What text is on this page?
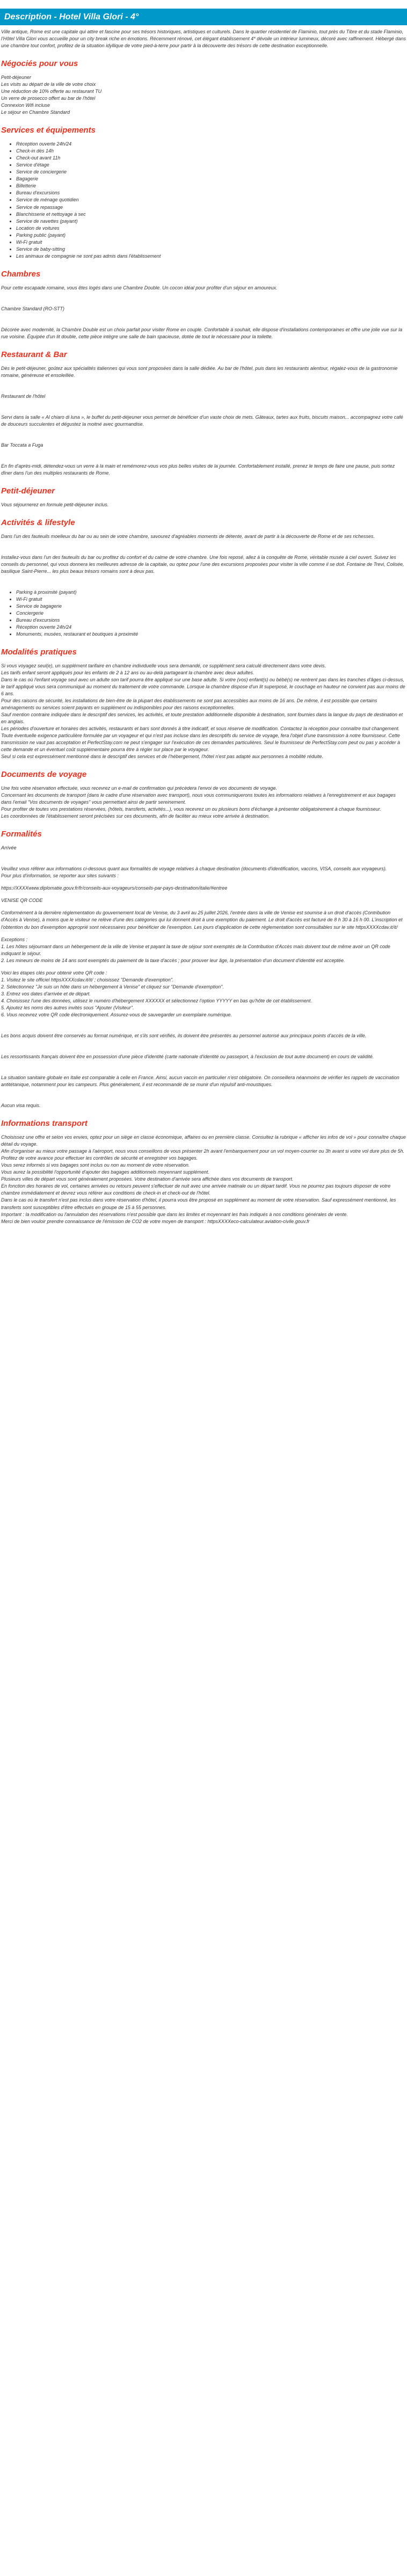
Description - Hotel Villa Glori - 4°

Ville antique, Rome est une capitale qui attire et fascine pour ses trésors historiques, artistiques et culturels. Dans le quartier résidentiel de Flaminio, tout près du Tibre et du stade Flaminio, l'Hôtel Villa Glori vous accueille pour un city break riche en émotions. Récemment rénové, cet élégant établissement 4* dévoile un intérieur lumineux, décoré avec raffinement. Hébergé dans une chambre tout confort, profitez de la situation idyllique de votre pied-à-terre pour partir à la découverte des trésors de cette destination exceptionnelle.

Négociés pour vous
Petit-déjeuner
Les visits au départ de la ville de votre choix
Une réduction de 10% offerte au restaurant TU
Un verre de prosecco offert au bar de l'hôtel
Connexion Wifi incluse
Le séjour en Chambre Standard
Services et équipements
• Réception ouverte 24h/24
• Check-in dès 14h
• Check-out avant 11h
• Service d'étage
• Service de conciergerie
• Bagagerie
• Billetterie
• Bureau d'excursions
• Service de ménage quotidien
• Service de repassage
• Blanchisserie et nettoyage à sec
• Service de navettes (payant)
• Location de voitures
• Parking public (payant)
• Wi-Fi gratuit
• Service de baby-sitting
• Les animaux de compagnie ne sont pas admis dans l'établissement
Chambres

Pour cette escapade romaine, vous êtes logés dans une Chambre Double. Un cocon idéal pour profiter d'un séjour en amoureux.

Chambre Standard (RO-STT)

Décorée avec modernité, la Chambre Double est un choix parfait pour visiter Rome en couple. Confortable à souhait, elle dispose d'installations contemporaines et offre une jolie vue sur la rue voisine. Équipée d'un lit double, cette pièce intègre une salle de bain spacieuse, dotée de tout le nécessaire pour la toilette.

Restaurant & Bar

Dès le petit-déjeuner, goûtez aux spécialités italiennes qui vous sont proposées dans la salle dédiée. Au bar de l'hôtel, puis dans les restaurants alentour, régalez-vous de la gastronomie romaine, généreuse et ensoleillée.

Restaurant de l'hôtel

Servi dans la salle « Al chiaro di luna », le buffet du petit-déjeuner vous permet de bénéficier d'un vaste choix de mets. Gâteaux, tartes aux fruits, biscuits maison... accompagnez votre café de douceurs succulentes et dégustez la moitné avec gourmandise.

Bar Toccata a Fuga

En fin d'après-midi, détendez-vous un verre à la main et remémorez-vous vos plus belles visites de la journée. Confortablement installé, prenez le temps de faire une pause, puis sortez dîner dans l'un des multiples restaurants de Rome.

Petit-déjeuner

Vous séjournerez en formule petit-déjeuner inclus.

Activités & lifestyle

Dans l'un des fauteuils moelleux du bar ou au sein de votre chambre, savourez d'agréables moments de détente, avant de partir à la découverte de Rome et de ses richesses.

Installez-vous dans l'un des fauteuils du bar ou profitez du confort et du calme de votre chambre. Une fois reposé, allez à la conquête de Rome, véritable musée à ciel ouvert. Suivez les conseils du personnel, qui vous donnera les meilleures adresse de la capitale, ou optez pour l'une des excursions proposées pour visiter la ville comme il se doit. Fontaine de Trevi, Colisée, basilique Saint-Pierre... les plus beaux trésors romains sont à deux pas.

• Parking à proximité (payant)
• Wi-Fi gratuit
• Service de bagagerie
• Conciergerie
• Bureau d'excursions
• Réception ouverte 24h/24
• Monuments, musées, restaurant et boutiques à proximité
Modalités pratiques

Si vous voyagez seul(e), un supplément tarifaire en chambre individuelle vous sera demandé, ce supplément sera calculé directement dans votre devis.
Les tarifs enfant seront appliqués pour les enfants de 2 à 12 ans ou au-delà partageant la chambre avec deux adultes.
Dans le cas où l'enfant voyage seul avec un adulte son tarif pourra être appliqué sur une base adulte. Si votre (vos) enfant(s) ou bébé(s) ne rentrent pas dans les tranches d'âges ci-dessus, le tarif appliqué vous sera communiqué au moment du traitement de votre commande. Lorsque la chambre dispose d'un lit superposé, le couchage en hauteur ne convient pas aux moins de 6 ans.
Pour des raisons de sécurité, les installations de bien-être de la plupart des établissements ne sont pas accessibles aux moins de 16 ans. De même, il est possible que certains aménagements ou services soient payants en supplément ou indisponibles pour des raisons exceptionnelles.
Sauf mention contraire indiquée dans le descriptif des services, les activités, et toute prestation additionnelle disponible à destination, sont fournies dans la langue du pays de destination et en anglais.
Les périodes d'ouverture et horaires des activités, restaurants et bars sont donnés à titre indicatif, et sous réserve de modification. Contactez la réception pour connaître tout changement.
Toute éventuelle exigence particulière formulée par un voyageur et qui n'est pas incluse dans les descriptifs du service de voyage, fera l'objet d'une transmission à notre fournisseur. Cette transmission ne vaut pas acceptation et PerfectStay.com ne peut s'engager sur l'exécution de ces demandes particulières. Seul le fournisseur de PerfectStay.com peut ou pas y accéder à cette demande et un éventuel coût supplémentaire pourra être à régler sur place par le voyageur.
Seul si cela est expressément mentionné dans le descriptif des services et de l'hébergement, l'hôtel n'est pas adapté aux personnes à mobilité réduite.

Documents de voyage

Une fois votre réservation effectuée, vous recevrez un e-mail de confirmation qui précèdera l'envoi de vos documents de voyage.
Concernant les documents de transport (dans le cadre d'une réservation avec transport), nous vous communiquerons toutes les informations relatives à l'enregistrement et aux bagages dans l'email "Vos documents de voyages" vous permettant ainsi de partir sereinement.
Pour profiter de toutes vos prestations réservées, (hôtels, transferts, activités...), vous recevrez un ou plusieurs bons d'échange à présenter obligatoirement à chaque fournisseur.
Les coordonnées de l'établissement seront précisées sur ces documents, afin de faciliter au mieux votre arrivée à destination.

Formalités

Arrivée

Veuillez vous référer aux informations ci-dessous quant aux formalités de voyage relatives à chaque destination (documents d'identification, vaccins, VISA, conseils aux voyageurs).
Pour plus d'information, se reporter aux sites suivants :

https://XXXXwww.diplomatie.gouv.fr/fr/conseils-aux-voyageurs/conseils-par-pays-destination/italie/#entree

VENISE QR CODE

Conformément à la dernière réglementation du gouvernement local de Venise, du 3 avril au 25 juillet 2026, l'entrée dans la ville de Venise est soumise à un droit d'accès (Contribution d'Accès à Venise), à moins que le visiteur ne relève d'une des catégories qui lui donnent droit à une exemption du paiement. Le droit d'accès est facturé de 8 h 30 à 16 h 00. L'inscription et l'obtention du bon d'exemption approprié sont nécessaires pour bénéficier de l'exemption. Les jours d'application de cette réglementation sont consultables sur le site httpsXXXXcdav.it/it/

Exceptions :
1. Les hôtes séjournant dans un hébergement de la ville de Venise et payant la taxe de séjour sont exemptés de la Contribution d'Accès mais doivent tout de même avoir un QR code indiquant le séjour.
2. Les mineurs de moins de 14 ans sont exemptés du paiement de la taxe d'accès ; pour prouver leur âge, la présentation d'un document d'identité est acceptée.

Voici les étapes clés pour obtenir votre QR code :
1. Visitez le site officiel httpsXXXXcdav.it/it/ ; choisissez "Demande d'exemption".
2. Sélectionnez "Je suis un hôte dans un hébergement à Venise" et cliquez sur "Demande d'exemption".
3. Entrez vos dates d'arrivée et de départ.
4. Choisissez l'une des données, utilisez le numéro d'hébergement XXXXXX et sélectionnez l'option YYYYY en bas qu'hôte de cet établissement.
5. Ajoutez les noms des autres invités sous "Ajouter (Visiteur".
6. Vous recevrez votre QR code électroniquement. Assurez-vous de sauvegarder un exemplaire numérique.

Les bons acquis doivent être conservés au format numérique, et s'ils sont vérifiés, ils doivent être présentés au personnel autorisé aux principaux points d'accès de la ville.

Les ressortissants français doivent être en possession d'une pièce d'identité (carte nationale d'identité ou passeport, à l'exclusion de tout autre document) en cours de validité.

La situation sanitaire globale en Italie est comparable à celle en France. Ainsi, aucun vaccin en particulier n'est obligatoire. On conseillera néanmoins de vérifier les rappels de vaccination antitétanique, notamment pour les campeurs. Plus généralement, il est recommandé de se munir d'un répulsif anti-moustiques.

Aucun visa requis.

Informations transport

Choisissez une offre et selon vos envies, optez pour un siège en classe économique, affaires ou en première classe. Consultez la rubrique « afficher les infos de vol » pour connaître chaque détail du voyage.
Afin d'organiser au mieux votre passage à l'aéroport, nous vous conseillons de vous présenter 2h avant l'embarquement pour un vol moyen-courrier ou 3h avant si votre vol dure plus de 5h. Profitez de votre avance pour effectuer les contrôles de sécurité et enregistrer vos bagages.
Vous serez informés si vos bagages sont inclus ou non au moment de votre réservation.
Vous aurez la possibilité l'opportunité d'ajouter des bagages additionnels moyennant supplément.
Plusieurs villes de départ vous sont généralement proposées. Votre destination d'arrivée sera affichée dans vos documents de transport.
En fonction des horaires de vol, certaines arrivées ou retours peuvent s'effectuer de nuit avec une arrivée matinale ou un départ tardif. Vous ne pourrez pas toujours disposer de votre chambre immédiatement et devrez vous référer aux conditions de check-in et check-out de l'hôtel.
Dans le cas où le transfert n'est pas inclus dans votre réservation d'hôtel, il pourra vous être proposé en supplément au moment de votre réservation. Sauf expressément mentionné, les transferts sont susceptibles d'être effectués en groupe de 15 à 55 personnes.
Important : la modification ou l'annulation des réservations n'est possible que dans les limites et moyennant les frais indiqués à nos conditions générales de vente.
Merci de bien vouloir prendre connaissance de l'émission de CO2 de votre moyen de transport : httpsXXXXeco-calculateur.aviation-civile.gouv.fr
